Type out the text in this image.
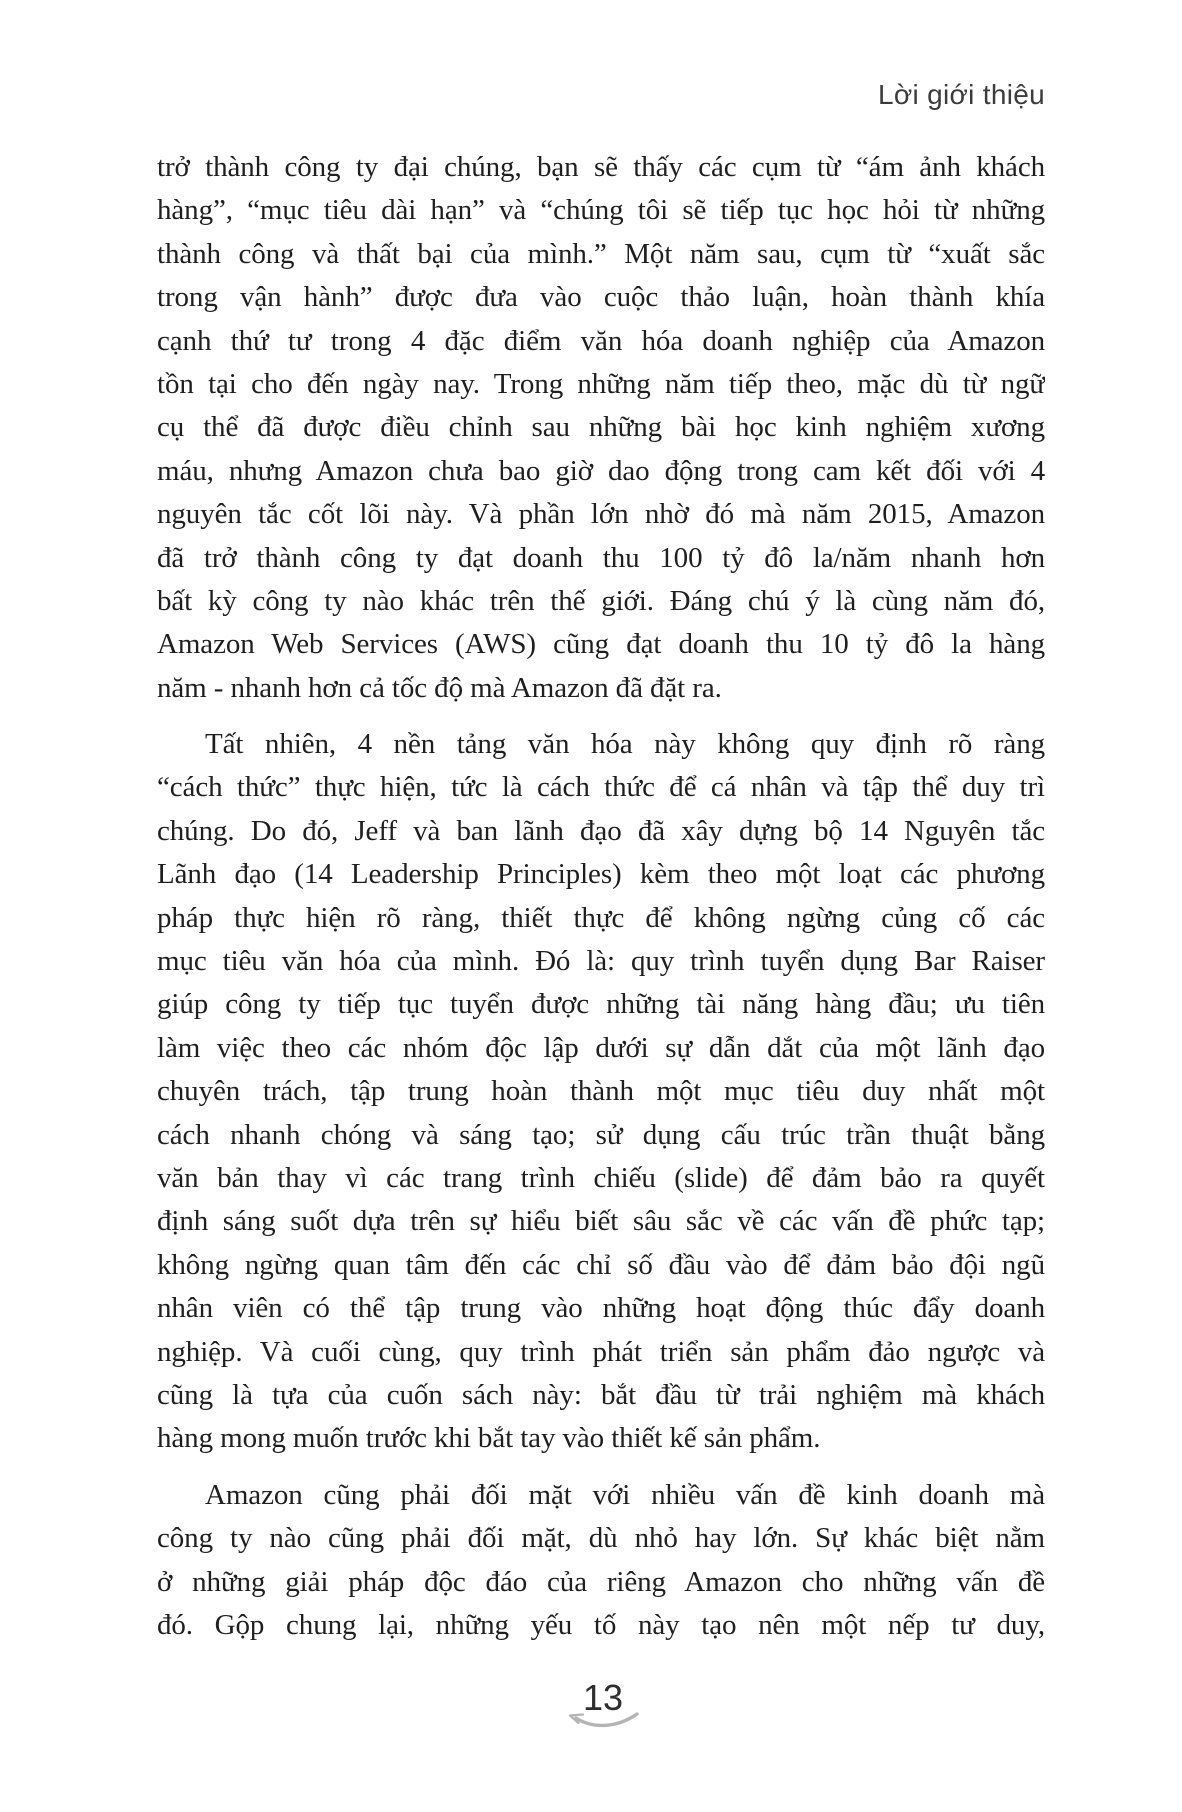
Lời giới thiệu
trở thành công ty đại chúng, bạn sẽ thấy các cụm từ “ám ảnh khách
hàng”, “mục tiêu dài hạn” và “chúng tôi sẽ tiếp tục học hỏi từ những
thành công và thất bại của mình.” Một năm sau, cụm từ “xuất sắc
trong vận hành” được đưa vào cuộc thảo luận, hoàn thành khía
cạnh thứ tư trong 4 đặc điểm văn hóa doanh nghiệp của Amazon
tồn tại cho đến ngày nay. Trong những năm tiếp theo, mặc dù từ ngữ
cụ thể đã được điều chỉnh sau những bài học kinh nghiệm xương
máu, nhưng Amazon chưa bao giờ dao động trong cam kết đối với 4
nguyên tắc cốt lõi này. Và phần lớn nhờ đó mà năm 2015, Amazon
đã trở thành công ty đạt doanh thu 100 tỷ đô la/năm nhanh hơn
bất kỳ công ty nào khác trên thế giới. Đáng chú ý là cùng năm đó,
Amazon Web Services (AWS) cũng đạt doanh thu 10 tỷ đô la hàng
năm - nhanh hơn cả tốc độ mà Amazon đã đặt ra.
Tất nhiên, 4 nền tảng văn hóa này không quy định rõ ràng
“cách thức” thực hiện, tức là cách thức để cá nhân và tập thể duy trì
chúng. Do đó, Jeff và ban lãnh đạo đã xây dựng bộ 14 Nguyên tắc
Lãnh đạo (14 Leadership Principles) kèm theo một loạt các phương
pháp thực hiện rõ ràng, thiết thực để không ngừng củng cố các
mục tiêu văn hóa của mình. Đó là: quy trình tuyển dụng Bar Raiser
giúp công ty tiếp tục tuyển được những tài năng hàng đầu; ưu tiên
làm việc theo các nhóm độc lập dưới sự dẫn dắt của một lãnh đạo
chuyên trách, tập trung hoàn thành một mục tiêu duy nhất một
cách nhanh chóng và sáng tạo; sử dụng cấu trúc trần thuật bằng
văn bản thay vì các trang trình chiếu (slide) để đảm bảo ra quyết
định sáng suốt dựa trên sự hiểu biết sâu sắc về các vấn đề phức tạp;
không ngừng quan tâm đến các chỉ số đầu vào để đảm bảo đội ngũ
nhân viên có thể tập trung vào những hoạt động thúc đẩy doanh
nghiệp. Và cuối cùng, quy trình phát triển sản phẩm đảo ngược và
cũng là tựa của cuốn sách này: bắt đầu từ trải nghiệm mà khách
hàng mong muốn trước khi bắt tay vào thiết kế sản phẩm.
Amazon cũng phải đối mặt với nhiều vấn đề kinh doanh mà
công ty nào cũng phải đối mặt, dù nhỏ hay lớn. Sự khác biệt nằm
ở những giải pháp độc đáo của riêng Amazon cho những vấn đề
đó. Gộp chung lại, những yếu tố này tạo nên một nếp tư duy,
13
